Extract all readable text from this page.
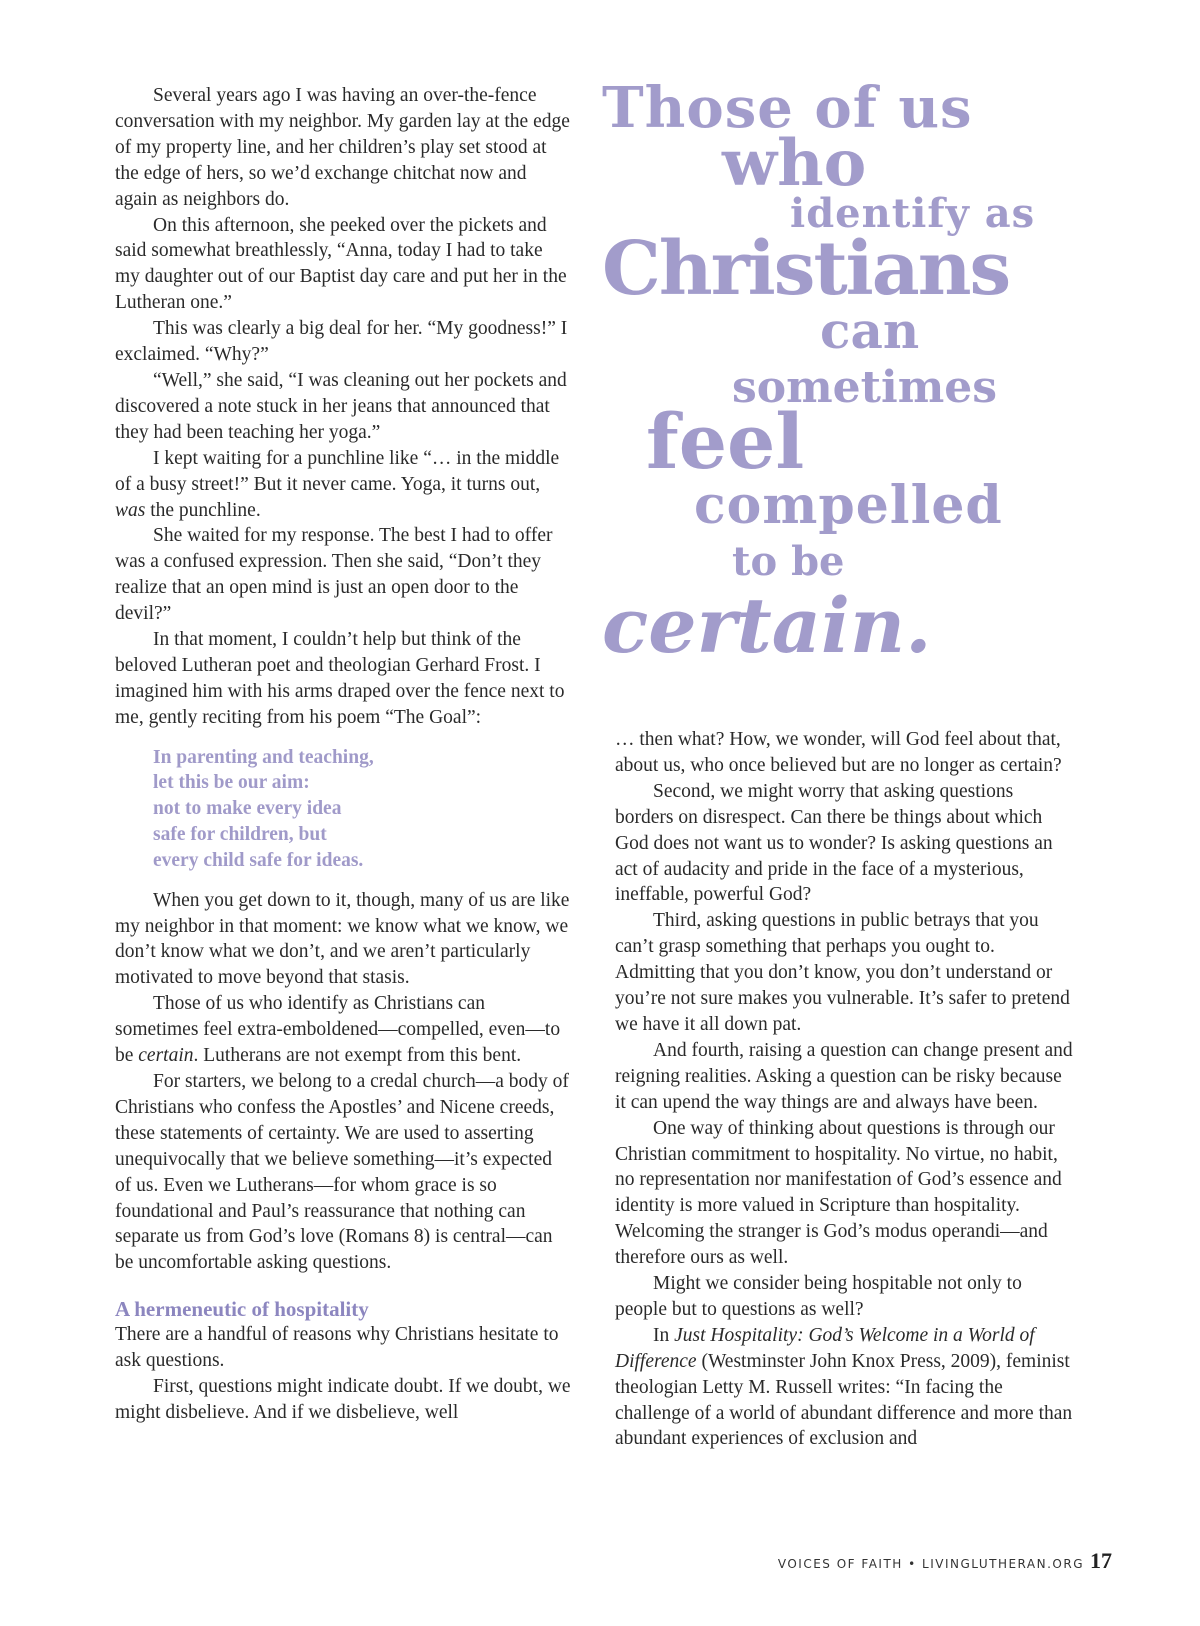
Several years ago I was having an over-the-fence conversation with my neighbor. My garden lay at the edge of my property line, and her children’s play set stood at the edge of hers, so we’d exchange chitchat now and again as neighbors do.

On this afternoon, she peeked over the pickets and said somewhat breathlessly, “Anna, today I had to take my daughter out of our Baptist day care and put her in the Lutheran one.”

This was clearly a big deal for her. “My goodness!” I exclaimed. “Why?”

“Well,” she said, “I was cleaning out her pockets and discovered a note stuck in her jeans that announced that they had been teaching her yoga.”

I kept waiting for a punchline like “… in the middle of a busy street!” But it never came. Yoga, it turns out, was the punchline.

She waited for my response. The best I had to offer was a confused expression. Then she said, “Don’t they realize that an open mind is just an open door to the devil?”

In that moment, I couldn’t help but think of the beloved Lutheran poet and theologian Gerhard Frost. I imagined him with his arms draped over the fence next to me, gently reciting from his poem “The Goal”:

In parenting and teaching,
let this be our aim:
not to make every idea
safe for children, but
every child safe for ideas.

When you get down to it, though, many of us are like my neighbor in that moment: we know what we know, we don’t know what we don’t, and we aren’t particularly motivated to move beyond that stasis.

Those of us who identify as Christians can sometimes feel extra-emboldened—compelled, even—to be certain. Lutherans are not exempt from this bent.

For starters, we belong to a credal church—a body of Christians who confess the Apostles’ and Nicene creeds, these statements of certainty. We are used to asserting unequivocally that we believe something—it’s expected of us. Even we Lutherans—for whom grace is so foundational and Paul’s reassurance that nothing can separate us from God’s love (Romans 8) is central—can be uncomfortable asking questions.

A hermeneutic of hospitality

There are a handful of reasons why Christians hesitate to ask questions.

First, questions might indicate doubt. If we doubt, we might disbelieve. And if we disbelieve, well

Those of us
who
identify as
Christians
can
sometimes
feel
compelled
to be
certain.

… then what? How, we wonder, will God feel about that, about us, who once believed but are no longer as certain?

Second, we might worry that asking questions borders on disrespect. Can there be things about which God does not want us to wonder? Is asking questions an act of audacity and pride in the face of a mysterious, ineffable, powerful God?

Third, asking questions in public betrays that you can’t grasp something that perhaps you ought to. Admitting that you don’t know, you don’t understand or you’re not sure makes you vulnerable. It’s safer to pretend we have it all down pat.

And fourth, raising a question can change present and reigning realities. Asking a question can be risky because it can upend the way things are and always have been.

One way of thinking about questions is through our Christian commitment to hospitality. No virtue, no habit, no representation nor manifestation of God’s essence and identity is more valued in Scripture than hospitality. Welcoming the stranger is God’s modus operandi—and therefore ours as well.

Might we consider being hospitable not only to people but to questions as well?

In Just Hospitality: God’s Welcome in a World of Difference (Westminster John Knox Press, 2009), feminist theologian Letty M. Russell writes: “In facing the challenge of a world of abundant difference and more than abundant experiences of exclusion and

VOICES OF FAITH • LIVINGLUTHERAN.ORG 17
